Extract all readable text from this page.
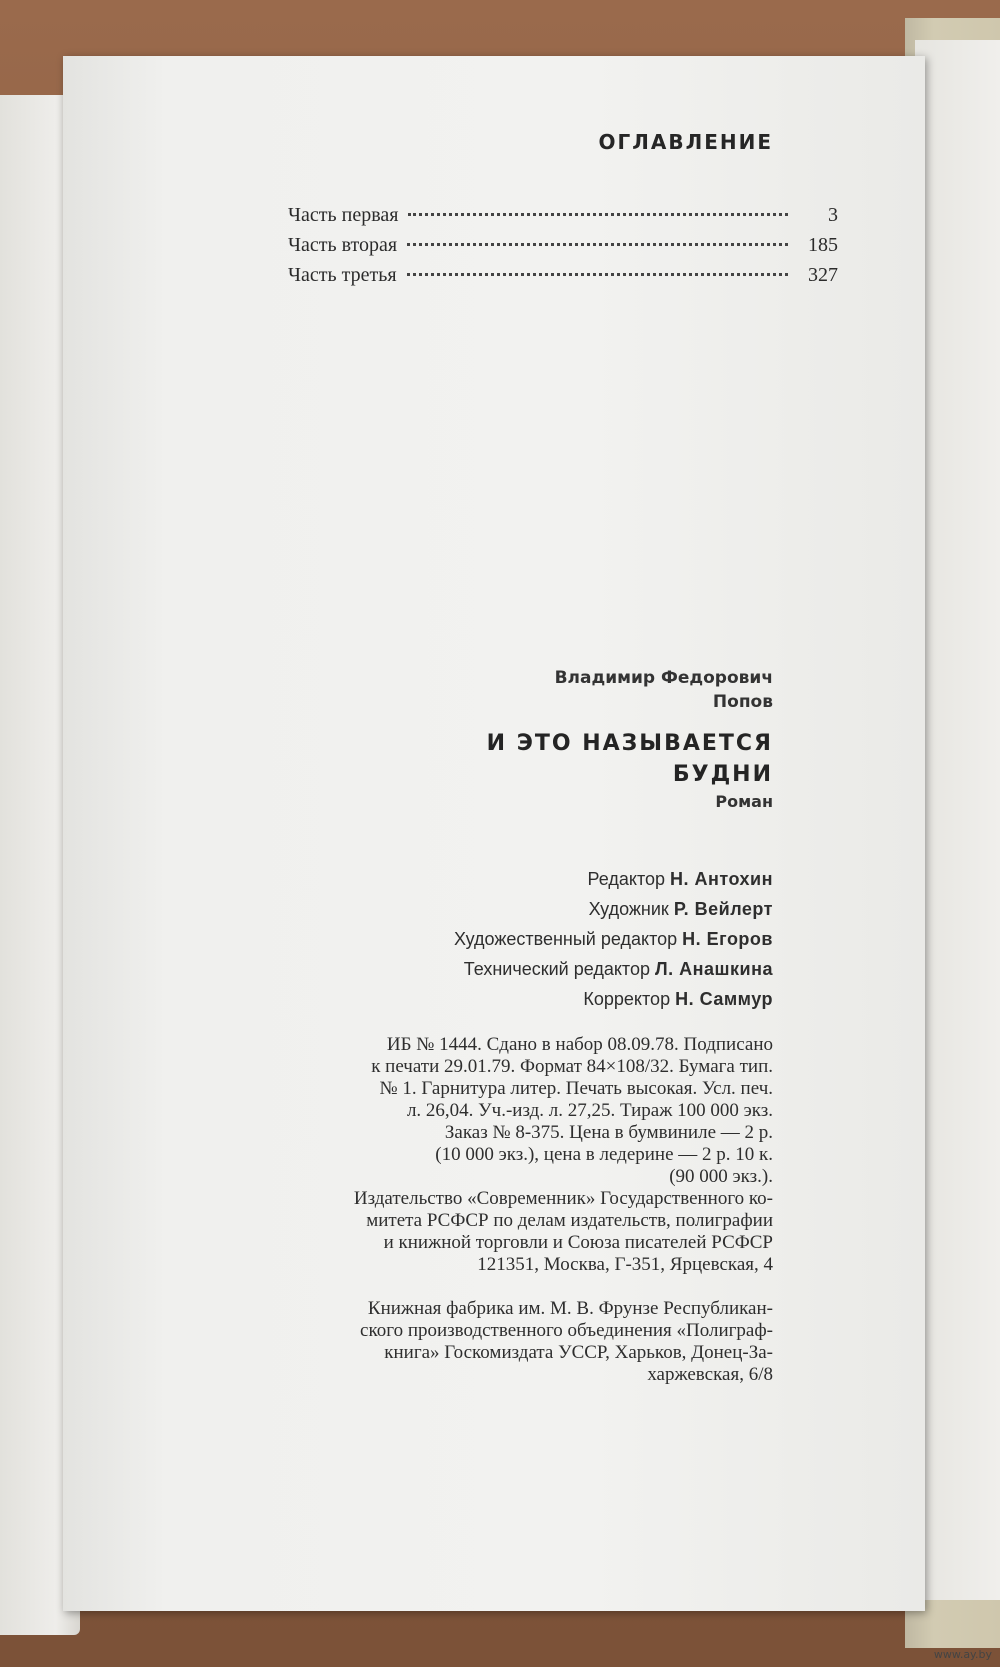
ОГЛАВЛЕНИЕ
Часть первая	3
Часть вторая	185
Часть третья	327
Владимир Федорович
Попов
И ЭТО НАЗЫВАЕТСЯ
БУДНИ
Роман
Редактор Н. Антохин
Художник Р. Вейлерт
Художественный редактор Н. Егоров
Технический редактор Л. Анашкина
Корректор Н. Саммур
ИБ № 1444. Сдано в набор 08.09.78. Подписано
к печати 29.01.79. Формат 84×108/32. Бумага тип.
№ 1. Гарнитура литер. Печать высокая. Усл. печ.
л. 26,04. Уч.-изд. л. 27,25. Тираж 100 000 экз.
Заказ № 8-375. Цена в бумвиниле — 2 р.
(10 000 экз.), цена в ледерине — 2 р. 10 к.
(90 000 экз.).
Издательство «Современник» Государственного ко-
митета РСФСР по делам издательств, полиграфии
и книжной торговли и Союза писателей РСФСР
121351, Москва, Г-351, Ярцевская, 4
Книжная фабрика им. М. В. Фрунзе Республикан-
ского производственного объединения «Полиграф-
книга» Госкомиздата УССР, Харьков, Донец-За-
харжевская, 6/8
www.ay.by
